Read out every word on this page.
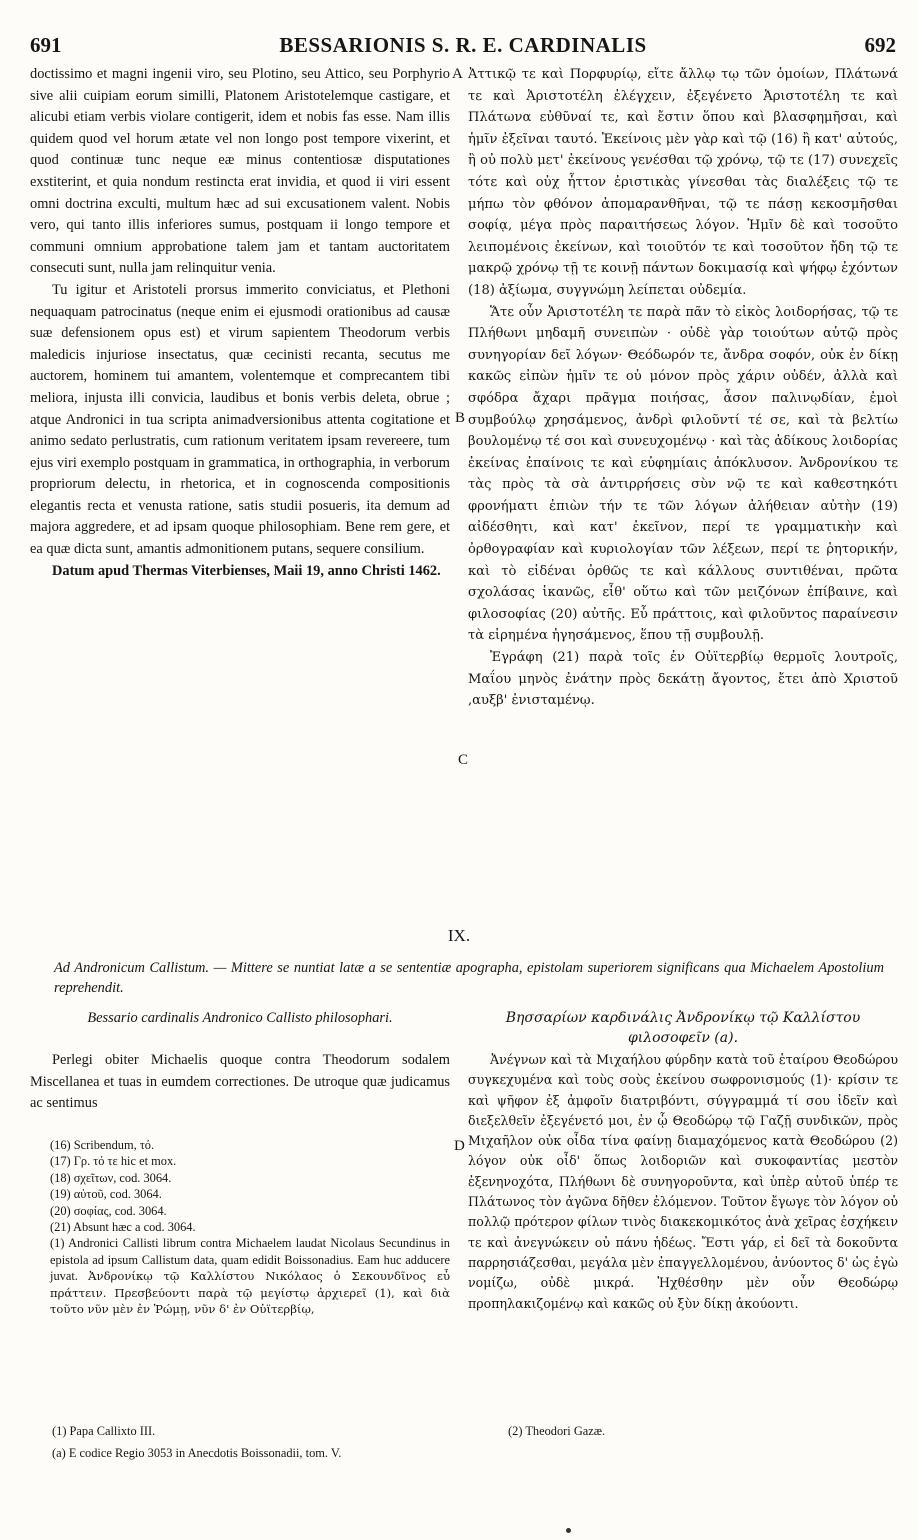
691	BESSARIONIS S. R. E. CARDINALIS	692

doctissimo et magni ingenii viro, seu Plotino, seu Attico, seu Porphyrio sive alii cuipiam eorum similli, Platonem Aristotelemque castigare, et alicubi etiam verbis violare contigerit, idem et nobis fas esse. Nam illis quidem quod vel horum ætate vel non longo post tempore vixerint, et quod continuæ tunc neque eæ minus contentiosæ disputationes exstiterint, et quia nondum restincta erat invidia, et quod ii viri essent omni doctrina exculti, multum hæc ad sui excusationem valent. Nobis vero, qui tanto illis inferiores sumus, postquam ii longo tempore et communi omnium approbatione talem jam et tantam auctoritatem consecuti sunt, nulla jam relinquitur venia.

Tu igitur et Aristoteli prorsus immerito conviciatus, et Plethoni nequaquam patrocinatus (neque enim ei ejusmodi orationibus ad causæ suæ defensionem opus est) et virum sapientem Theodorum verbis maledicis injuriose insectatus, quæ cecinisti recanta, secutus me auctorem, hominem tui amantem, volentemque et comprecantem tibi meliora, injusta illi convicia, laudibus et bonis verbis deleta, obrue ; atque Andronici in tua scripta animadversionibus attenta cogitatione et animo sedato perlustratis, cum rationum veritatem ipsam revereere, tum ejus viri exemplo postquam in grammatica, in orthographia, in verborum propriorum delectu, in rhetorica, et in cognoscenda compositionis elegantis recta et venusta ratione, satis studii posueris, ita demum ad majora aggredere, et ad ipsam quoque philosophiam. Bene rem gere, et ea quæ dicta sunt, amantis admonitionem putans, sequere consilium.

Datum apud Thermas Viterbienses, Maii 19, anno Christi 1462.

A
B
C
D

Ἀττικῷ τε καὶ Πορφυρίῳ, εἴτε ἄλλῳ τῳ τῶν ὁμοίων, Πλάτωνά τε καὶ Ἀριστοτέλη ἐλέγχειν, ἐξεγένετο Ἀριστοτέλη τε καὶ Πλάτωνα εὐθῦναί τε, καὶ ἔστιν ὅπου καὶ βλασφημῆσαι, καὶ ἡμῖν ἐξεῖναι ταυτό. Ἐκείνοις μὲν γὰρ καὶ τῷ (16) ἢ κατ' αὐτούς, ἢ οὐ πολὺ μετ' ἐκείνους γενέσθαι τῷ χρόνῳ, τῷ τε (17) συνεχεῖς τότε καὶ οὐχ ἧττον ἐριστικὰς γίνεσθαι τὰς διαλέξεις τῷ τε μήπω τὸν φθόνον ἀπομαρανθῆναι, τῷ τε πάσῃ κεκοσμῆσθαι σοφίᾳ, μέγα πρὸς παραιτήσεως λόγον. Ἡμῖν δὲ καὶ τοσοῦτο λειπομένοις ἐκείνων, καὶ τοιοῦτόν τε καὶ τοσοῦτον ἤδη τῷ τε μακρῷ χρόνῳ τῇ τε κοινῇ πάντων δοκιμασίᾳ καὶ ψήφῳ ἐχόντων (18) ἀξίωμα, συγγνώμη λείπεται οὐδεμία.

Ἅτε οὖν Ἀριστοτέλη τε παρὰ πᾶν τὸ εἰκὸς λοιδορήσας, τῷ τε Πλήθωνι μηδαμῆ συνειπὼν · οὐδὲ γὰρ τοιούτων αὐτῷ πρὸς συνηγορίαν δεῖ λόγων· Θεόδωρόν τε, ἄνδρα σοφόν, οὐκ ἐν δίκῃ κακῶς εἰπὼν ἡμῖν τε οὐ μόνον πρὸς χάριν οὐδέν, ἀλλὰ καὶ σφόδρα ἄχαρι πρᾶγμα ποιήσας, ἆσον παλινῳδίαν, ἐμοὶ συμβούλῳ χρησάμενος, ἀνδρὶ φιλοῦντί τέ σε, καὶ τὰ βελτίω βουλομένῳ τέ σοι καὶ συνευχομένῳ · καὶ τὰς ἀδίκους λοιδορίας ἐκείνας ἐπαίνοις τε καὶ εὐφημίαις ἀπόκλυσον. Ἀνδρονίκου τε τὰς πρὸς τὰ σὰ ἀντιρρήσεις σὺν νῷ τε καὶ καθεστηκότι φρονήματι ἐπιὼν τήν τε τῶν λόγων ἀλήθειαν αὐτὴν (19) αἰδέσθητι, καὶ κατ' ἐκεῖνον, περί τε γραμματικὴν καὶ ὀρθογραφίαν καὶ κυριολογίαν τῶν λέξεων, περί τε ῥητορικήν, καὶ τὸ εἰδέναι ὀρθῶς τε καὶ κάλλους συντιθέναι, πρῶτα σχολάσας ἱκανῶς, εἶθ' οὕτω καὶ τῶν μειζόνων ἐπίβαινε, καὶ φιλοσοφίας (20) αὐτῆς. Εὖ πράττοις, καὶ φιλοῦντος παραίνεσιν τὰ εἰρημένα ἡγησάμενος, ἕπου τῇ συμβουλῇ.

Ἐγράφη (21) παρὰ τοῖς ἐν Οὐϊτερβίῳ θερμοῖς λουτροῖς, Μαΐου μηνὸς ἐνάτην πρὸς δεκάτῃ ἄγοντος, ἔτει ἀπὸ Χριστοῦ ,αυξβ' ἐνισταμένῳ.

IX.
Ad Andronicum Callistum. — Mittere se nuntiat latæ a se sententiæ apographa, epistolam superiorem significans qua Michaelem Apostolium reprehendit.
Bessario cardinalis Andronico Callisto philosophari.	Βησσαρίων καρδινάλις Ἀνδρονίκῳ τῷ Καλλίστου φιλοσοφεῖν (a).

Perlegi obiter Michaelis quoque contra Theodorum sodalem Miscellanea et tuas in eumdem correctiones. De utroque quæ judicamus ac sentimus

Ἀνέγνων καὶ τὰ Μιχαήλου φύρδην κατὰ τοῦ ἑταίρου Θεοδώρου συγκεχυμένα καὶ τοὺς σοὺς ἐκείνου σωφρονισμούς (1)· κρίσιν τε καὶ ψῆφον ἐξ ἀμφοῖν διατριβόντι, σύγγραμμά τί σου ἰδεῖν καὶ διεξελθεῖν ἐξεγένετό μοι, ἐν ᾧ Θεοδώρῳ τῷ Γαζῇ συνδικῶν, πρὸς Μιχαῆλον οὐκ οἶδα τίνα φαίνῃ διαμαχόμενος κατὰ Θεοδώρου (2) λόγον οὐκ οἶδ' ὅπως λοιδοριῶν καὶ συκοφαντίας μεστὸν ἐξενηνοχότα, Πλήθωνι δὲ συνηγοροῦντα, καὶ ὑπὲρ αὐτοῦ ὑπέρ τε Πλάτωνος τὸν ἀγῶνα δῆθεν ἐλόμενον. Τοῦτον ἔγωγε τὸν λόγον οὐ πολλῷ πρότερον φίλων τινὸς διακεκομικότος ἀνὰ χεῖρας ἐσχήκειν τε καὶ ἀνεγνώκειν οὐ πάνυ ἡδέως. Ἔστι γάρ, εἰ δεῖ τὰ δοκοῦντα παρρησιάζεσθαι, μεγάλα μὲν ἐπαγγελλομένου, ἀνύοντος δ' ὡς ἐγὼ νομίζω, οὐδὲ μικρά. Ἠχθέσθην μὲν οὖν Θεοδώρῳ προπηλακιζομένῳ καὶ κακῶς οὐ ξὺν δίκῃ ἀκούοντι.

(16) Scribendum, τό.

(17) Γρ. τό τε hic et mox.

(18) σχεῖτων, cod. 3064.

(19) αὐτοῦ, cod. 3064.

(20) σοφίας, cod. 3064.

(21) Absunt hæc a cod. 3064.

(1) Andronici Callisti librum contra Michaelem laudat Nicolaus Secundinus in epistola ad ipsum Callistum data, quam edidit Boissonadius. Eam huc adducere juvat. Ἀνδρονίκῳ τῷ Καλλίστου Νικόλαος ὁ Σεκουνδῖνος εὖ πράττειν. Πρεσβεύοντι παρὰ τῷ μεγίστῳ ἀρχιερεῖ (1), καὶ διὰ τοῦτο νῦν μὲν ἐν Ῥώμῃ, νῦν δ' ἐν Οὐϊτερβίῳ,

(1) Papa Callixto III.	(2) Theodori Gazæ.
(a) E codice Regio 3053 in Anecdotis Boissonadii, tom. V.
